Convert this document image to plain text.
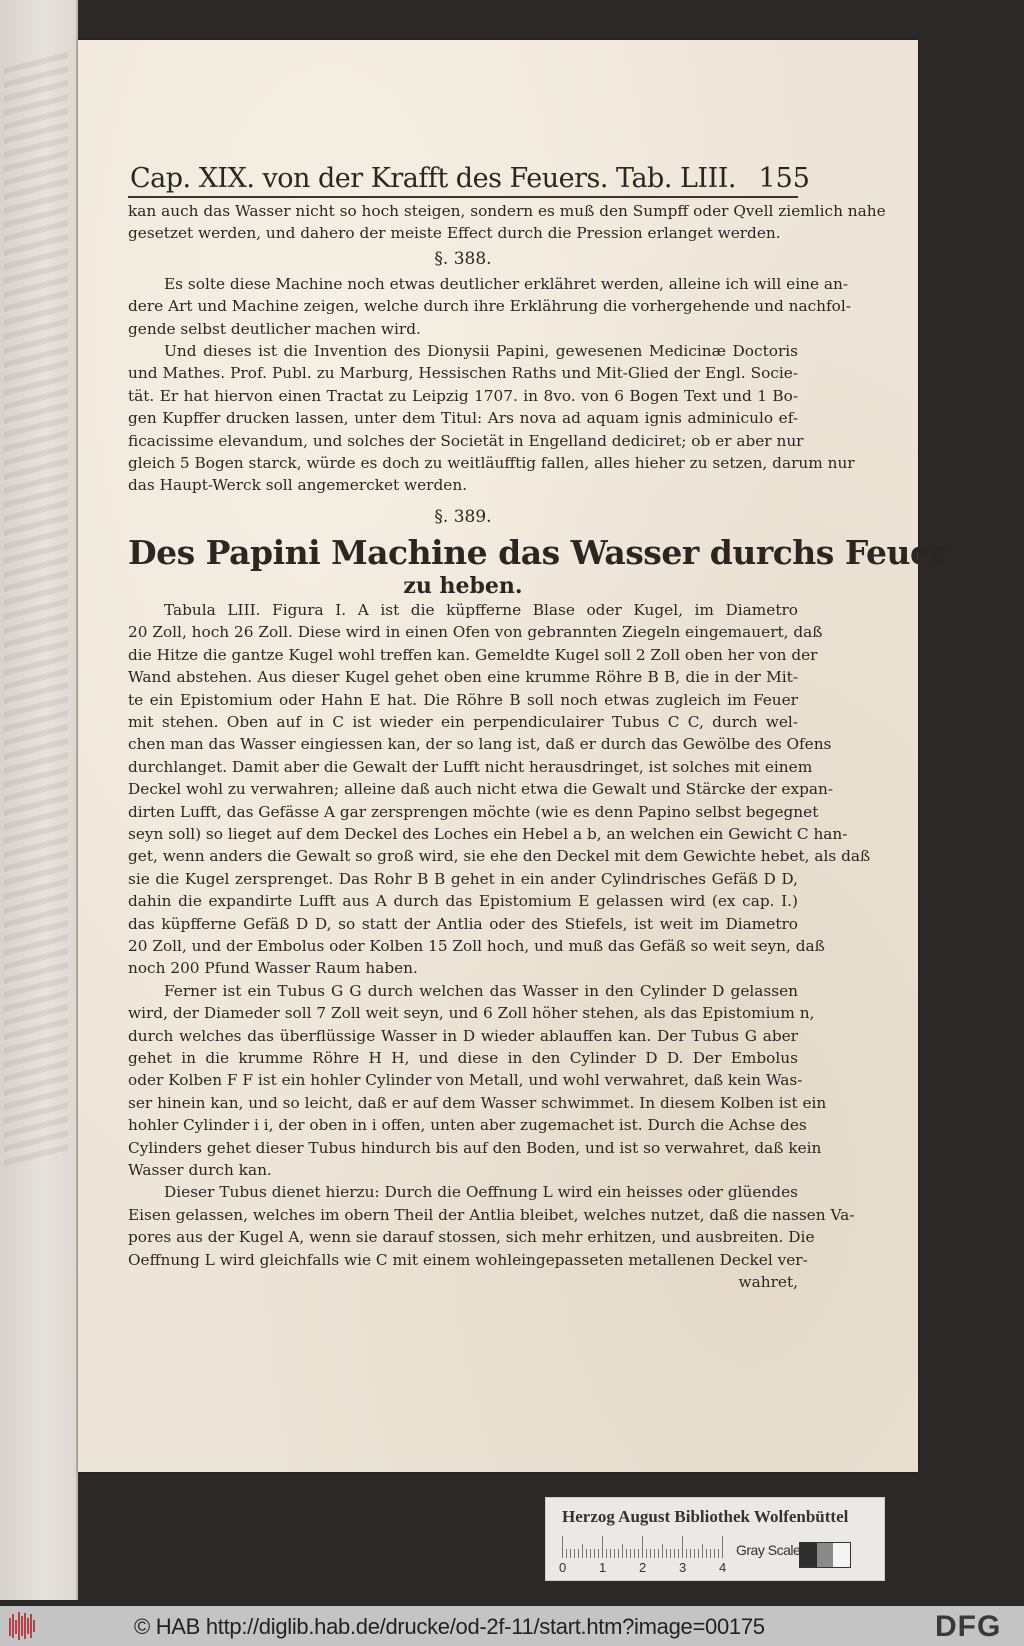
Cap. XIX. von der Krafft des Feuers. Tab. LIII. 155
kan auch das Wasser nicht so hoch steigen, sondern es muß den Sumpff oder Qvell ziemlich nahe
gesetzet werden, und dahero der meiste Effect durch die Pression erlanget werden.
§. 388.
Es solte diese Machine noch etwas deutlicher erklähret werden, alleine ich will eine an-
dere Art und Machine zeigen, welche durch ihre Erklährung die vorhergehende und nachfol-
gende selbst deutlicher machen wird.
Und dieses ist die Invention des Dionysii Papini, gewesenen Medicinæ Doctoris
und Mathes. Prof. Publ. zu Marburg, Hessischen Raths und Mit-Glied der Engl. Socie-
tät. Er hat hiervon einen Tractat zu Leipzig 1707. in 8vo. von 6 Bogen Text und 1 Bo-
gen Kupffer drucken lassen, unter dem Titul: Ars nova ad aquam ignis adminiculo ef-
ficacissime elevandum, und solches der Societät in Engelland dediciret; ob er aber nur
gleich 5 Bogen starck, würde es doch zu weitläufftig fallen, alles hieher zu setzen, darum nur
das Haupt-Werck soll angemercket werden.
§. 389.
Des Papini Machine das Wasser durchs Feuer
zu heben.
Tabula LIII. Figura I. A ist die küpfferne Blase oder Kugel, im Diametro
20 Zoll, hoch 26 Zoll. Diese wird in einen Ofen von gebrannten Ziegeln eingemauert, daß
die Hitze die gantze Kugel wohl treffen kan. Gemeldte Kugel soll 2 Zoll oben her von der
Wand abstehen. Aus dieser Kugel gehet oben eine krumme Röhre B B, die in der Mit-
te ein Epistomium oder Hahn E hat. Die Röhre B soll noch etwas zugleich im Feuer
mit stehen. Oben auf in C ist wieder ein perpendiculairer Tubus C C, durch wel-
chen man das Wasser eingiessen kan, der so lang ist, daß er durch das Gewölbe des Ofens
durchlanget. Damit aber die Gewalt der Lufft nicht herausdringet, ist solches mit einem
Deckel wohl zu verwahren; alleine daß auch nicht etwa die Gewalt und Stärcke der expan-
dirten Lufft, das Gefässe A gar zersprengen möchte (wie es denn Papino selbst begegnet
seyn soll) so lieget auf dem Deckel des Loches ein Hebel a b, an welchen ein Gewicht C han-
get, wenn anders die Gewalt so groß wird, sie ehe den Deckel mit dem Gewichte hebet, als daß
sie die Kugel zersprenget. Das Rohr B B gehet in ein ander Cylindrisches Gefäß D D,
dahin die expandirte Lufft aus A durch das Epistomium E gelassen wird (ex cap. I.)
das küpfferne Gefäß D D, so statt der Antlia oder des Stiefels, ist weit im Diametro
20 Zoll, und der Embolus oder Kolben 15 Zoll hoch, und muß das Gefäß so weit seyn, daß
noch 200 Pfund Wasser Raum haben.
Ferner ist ein Tubus G G durch welchen das Wasser in den Cylinder D gelassen
wird, der Diameder soll 7 Zoll weit seyn, und 6 Zoll höher stehen, als das Epistomium n,
durch welches das überflüssige Wasser in D wieder ablauffen kan. Der Tubus G aber
gehet in die krumme Röhre H H, und diese in den Cylinder D D. Der Embolus
oder Kolben F F ist ein hohler Cylinder von Metall, und wohl verwahret, daß kein Was-
ser hinein kan, und so leicht, daß er auf dem Wasser schwimmet. In diesem Kolben ist ein
hohler Cylinder i i, der oben in i offen, unten aber zugemachet ist. Durch die Achse des
Cylinders gehet dieser Tubus hindurch bis auf den Boden, und ist so verwahret, daß kein
Wasser durch kan.
Dieser Tubus dienet hierzu: Durch die Oeffnung L wird ein heisses oder glüendes
Eisen gelassen, welches im obern Theil der Antlia bleibet, welches nutzet, daß die nassen Va-
pores aus der Kugel A, wenn sie darauf stossen, sich mehr erhitzen, und ausbreiten. Die
Oeffnung L wird gleichfalls wie C mit einem wohleingepasseten metallenen Deckel ver-
wahret,
Herzog August Bibliothek Wolfenbüttel
0	1	2	3	4
Gray Scale
© HAB http://diglib.hab.de/drucke/od-2f-11/start.htm?image=00175	DFG
